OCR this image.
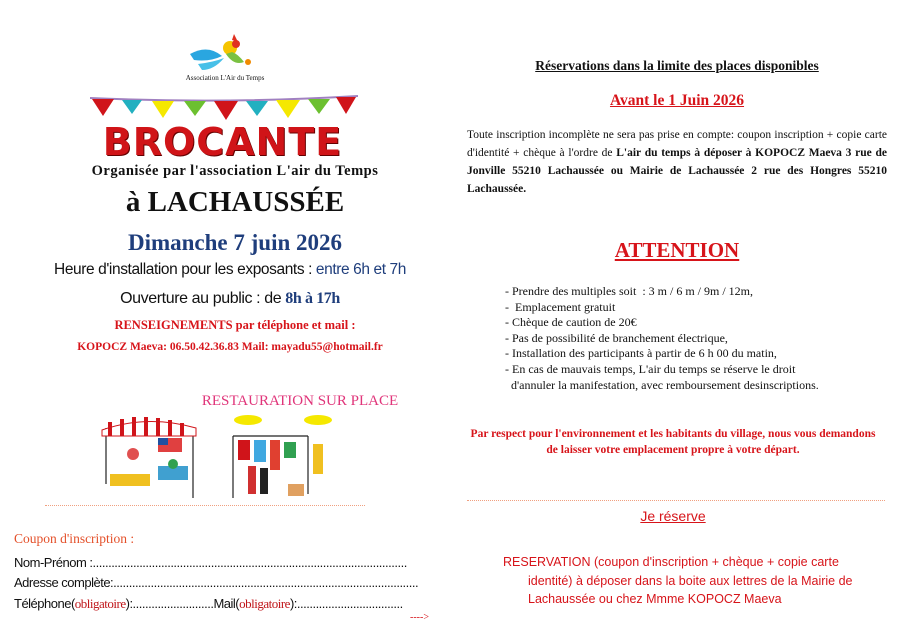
Association L'Air du Temps
BROCANTE
Organisée par l'association L'air du Temps
à LACHAUSSÉE
Dimanche 7 juin 2026
Heure d'installation pour les exposants : entre 6h et 7h
Ouverture au public : de 8h à 17h
RENSEIGNEMENTS par téléphone et mail :
KOPOCZ Maeva: 06.50.42.36.83 Mail: mayadu55@hotmail.fr
RESTAURATION SUR PLACE
Coupon d'inscription :
Nom-Prénom :.....................................................................................................
Adresse complète:..................................................................................................
Téléphone(obligatoire):..........................Mail(obligatoire):..................................
---->
Réservations dans la limite des places disponibles
Avant le 1 Juin 2026
Toute inscription incomplète ne sera pas prise en compte: coupon inscription + copie carte d'identité + chèque à l'ordre de L'air du temps à déposer à KOPOCZ Maeva 3 rue de Jonville 55210 Lachaussée ou Mairie de Lachaussée 2 rue des Hongres 55210 Lachaussée.
ATTENTION
- Prendre des multiples soit  : 3 m / 6 m / 9m / 12m,
-  Emplacement gratuit
- Chèque de caution de 20€
- Pas de possibilité de branchement électrique,
- Installation des participants à partir de 6 h 00 du matin,
- En cas de mauvais temps, L'air du temps se réserve le droit
d'annuler la manifestation, avec remboursement desinscriptions.
Par respect pour l'environnement et les habitants du village, nous vous demandons de laisser votre emplacement propre à votre départ.
Je réserve
RESERVATION (coupon d'inscription + chèque + copie carte
identité) à déposer dans la boite aux lettres de la Mairie de
Lachaussée ou chez Mmme KOPOCZ Maeva
